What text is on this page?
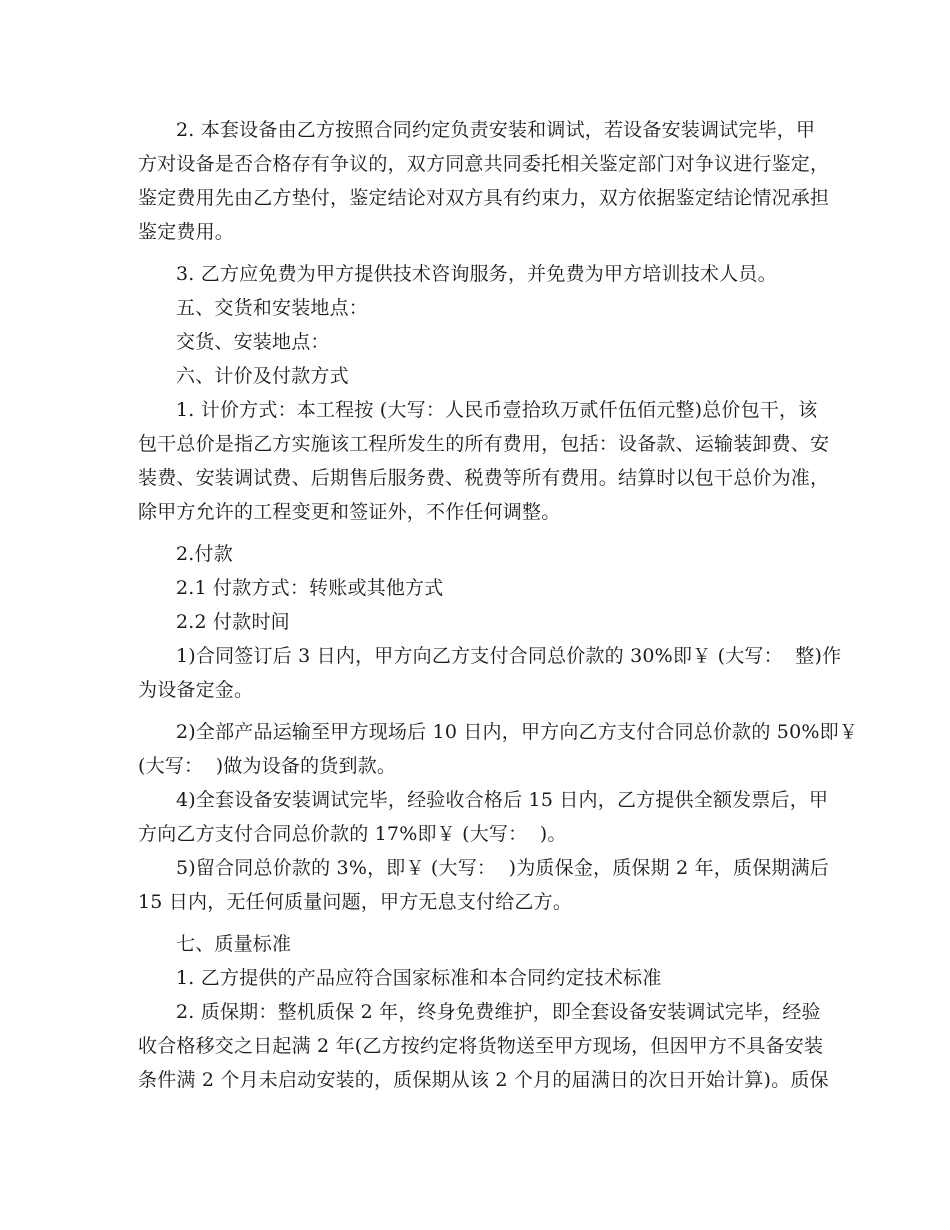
2. 本套设备由乙方按照合同约定负责安装和调试，若设备安装调试完毕，甲
方对设备是否合格存有争议的，双方同意共同委托相关鉴定部门对争议进行鉴定，
鉴定费用先由乙方垫付，鉴定结论对双方具有约束力，双方依据鉴定结论情况承担
鉴定费用。
3. 乙方应免费为甲方提供技术咨询服务，并免费为甲方培训技术人员。
五、交货和安装地点：
交货、安装地点：
六、计价及付款方式
1. 计价方式：本工程按 (大写：人民币壹拾玖万贰仟伍佰元整)总价包干，该
包干总价是指乙方实施该工程所发生的所有费用，包括：设备款、运输装卸费、安
装费、安装调试费、后期售后服务费、税费等所有费用。结算时以包干总价为准，
除甲方允许的工程变更和签证外，不作任何调整。
2.付款
2.1 付款方式：转账或其他方式
2.2 付款时间
1)合同签订后 3 日内，甲方向乙方支付合同总价款的 30%即￥ (大写：  整)作
为设备定金。
2)全部产品运输至甲方现场后 10 日内，甲方向乙方支付合同总价款的 50%即￥
(大写：  )做为设备的货到款。
4)全套设备安装调试完毕，经验收合格后 15 日内，乙方提供全额发票后，甲
方向乙方支付合同总价款的 17%即￥ (大写：  )。
5)留合同总价款的 3%，即￥ (大写：  )为质保金，质保期 2 年，质保期满后
15 日内，无任何质量问题，甲方无息支付给乙方。
七、质量标准
1. 乙方提供的产品应符合国家标准和本合同约定技术标准
2. 质保期：整机质保 2 年，终身免费维护，即全套设备安装调试完毕，经验
收合格移交之日起满 2 年(乙方按约定将货物送至甲方现场，但因甲方不具备安装
条件满 2 个月未启动安装的，质保期从该 2 个月的届满日的次日开始计算)。质保
